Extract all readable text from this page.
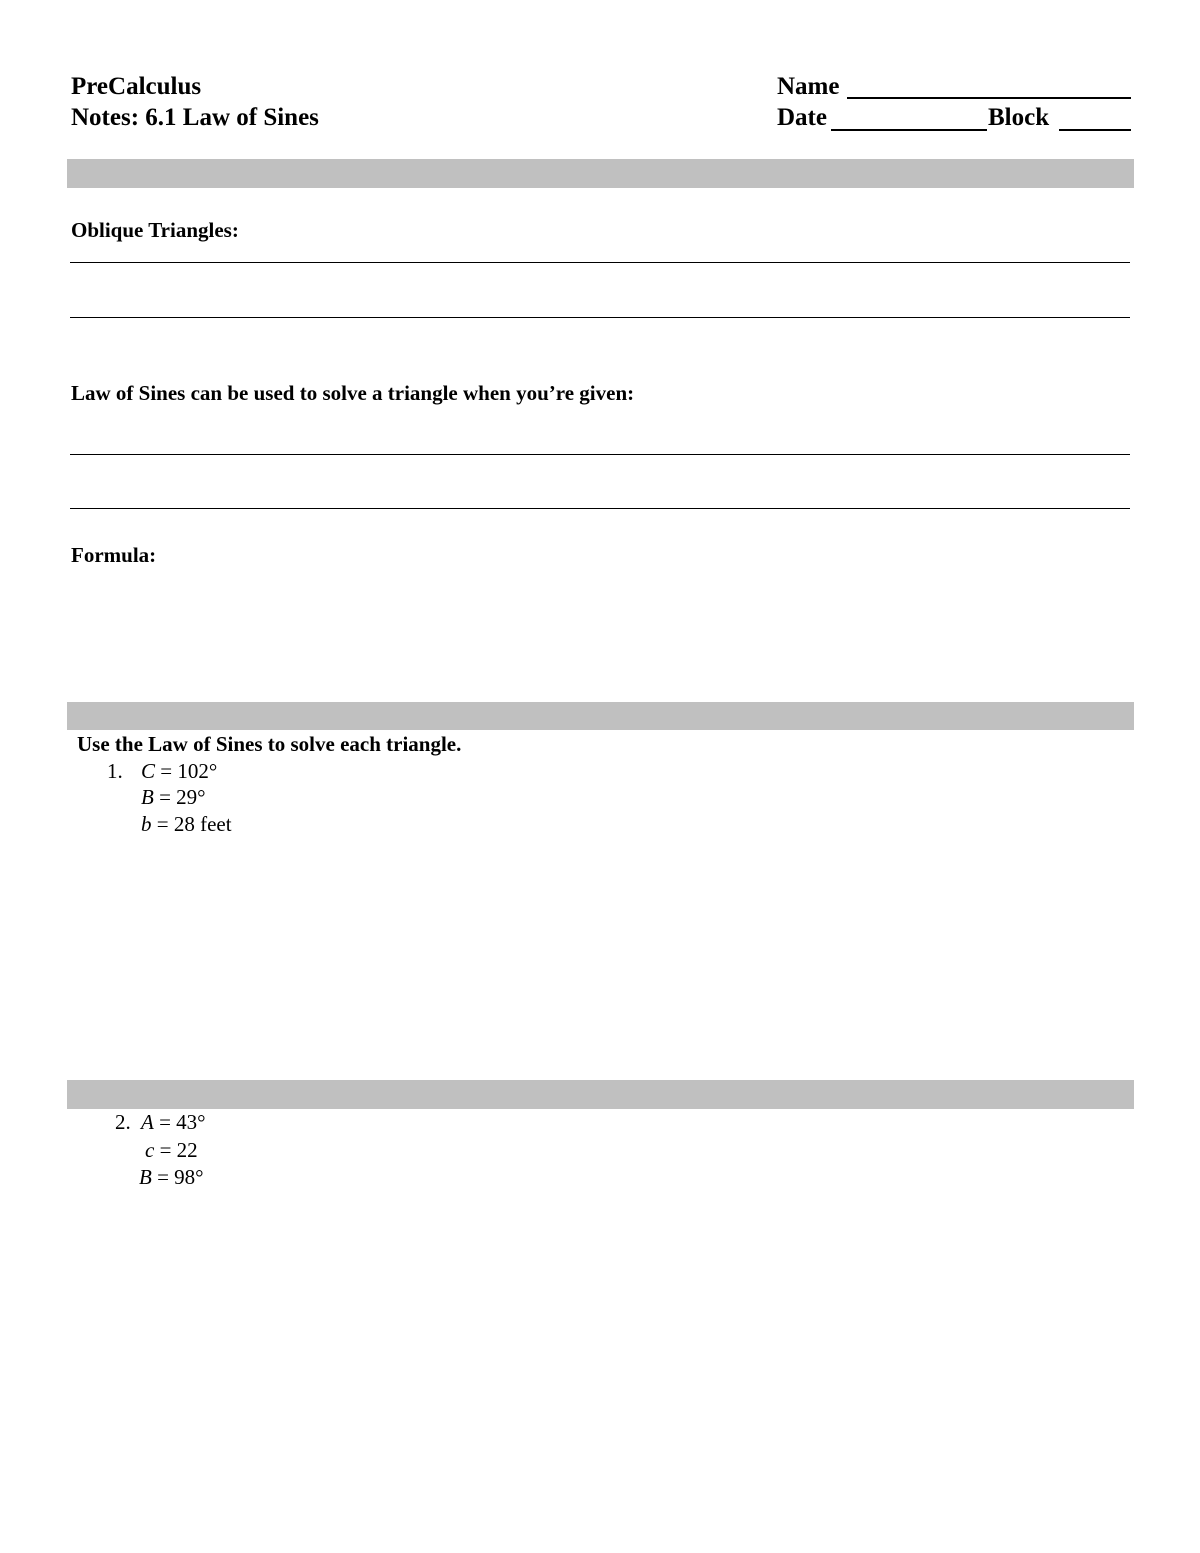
PreCalculus
Notes: 6.1 Law of Sines
Name
Date	Block
Oblique Triangles:
Law of Sines can be used to solve a triangle when you’re given:
Formula:
Use the Law of Sines to solve each triangle.
1. C = 102°
B = 29°
b = 28 feet
2. A = 43°
c = 22
B = 98°
